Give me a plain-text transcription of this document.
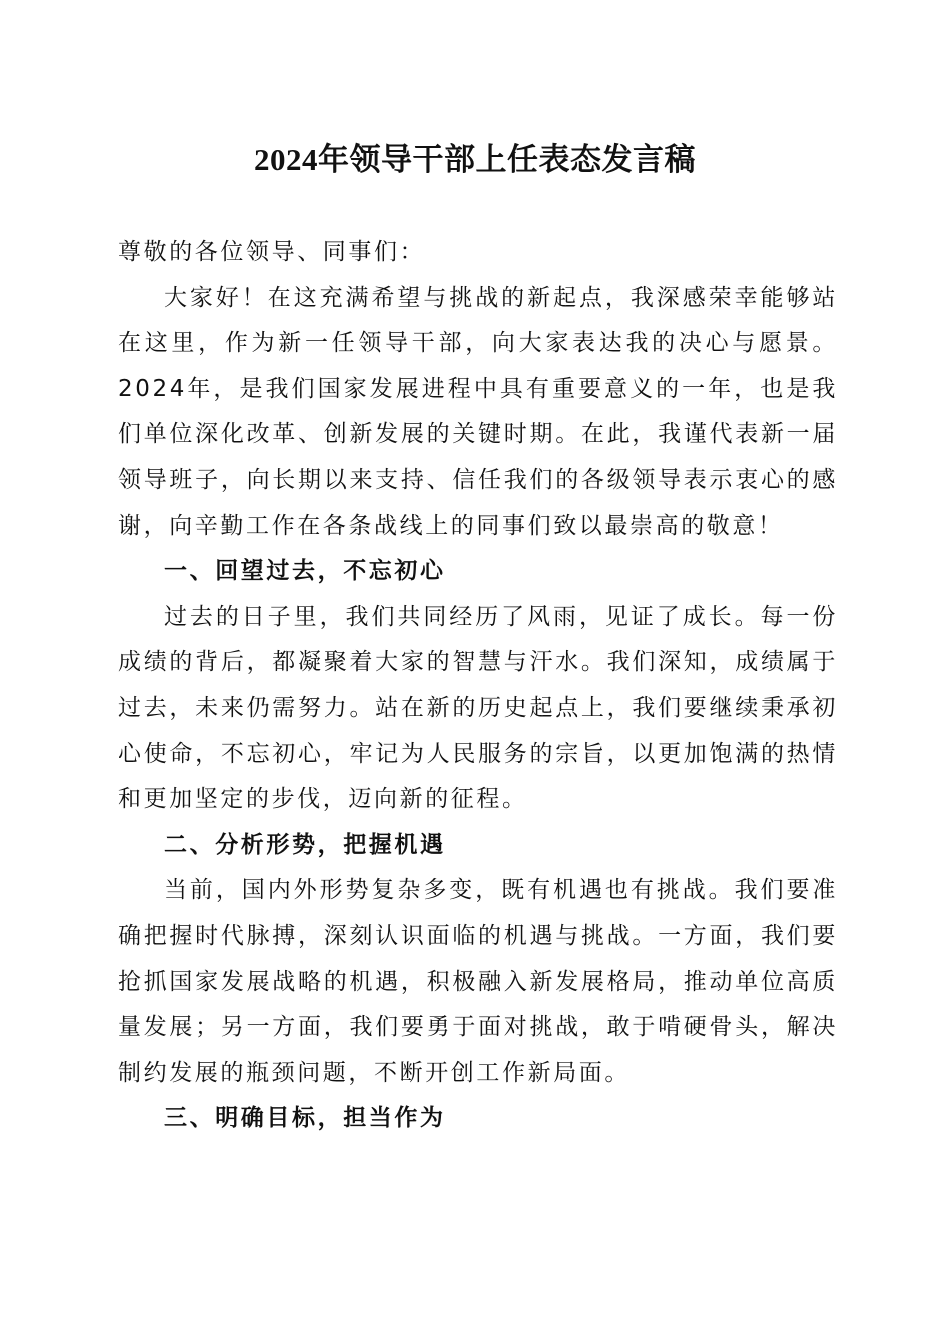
2024年领导干部上任表态发言稿

尊敬的各位领导、同事们：

大家好！在这充满希望与挑战的新起点，我深感荣幸能够站在这里，作为新一任领导干部，向大家表达我的决心与愿景。2024年，是我们国家发展进程中具有重要意义的一年，也是我们单位深化改革、创新发展的关键时期。在此，我谨代表新一届领导班子，向长期以来支持、信任我们的各级领导表示衷心的感谢，向辛勤工作在各条战线上的同事们致以最崇高的敬意！

一、回望过去，不忘初心

过去的日子里，我们共同经历了风雨，见证了成长。每一份成绩的背后，都凝聚着大家的智慧与汗水。我们深知，成绩属于过去，未来仍需努力。站在新的历史起点上，我们要继续秉承初心使命，不忘初心，牢记为人民服务的宗旨，以更加饱满的热情和更加坚定的步伐，迈向新的征程。

二、分析形势，把握机遇

当前，国内外形势复杂多变，既有机遇也有挑战。我们要准确把握时代脉搏，深刻认识面临的机遇与挑战。一方面，我们要抢抓国家发展战略的机遇，积极融入新发展格局，推动单位高质量发展；另一方面，我们要勇于面对挑战，敢于啃硬骨头，解决制约发展的瓶颈问题，不断开创工作新局面。

三、明确目标，担当作为
